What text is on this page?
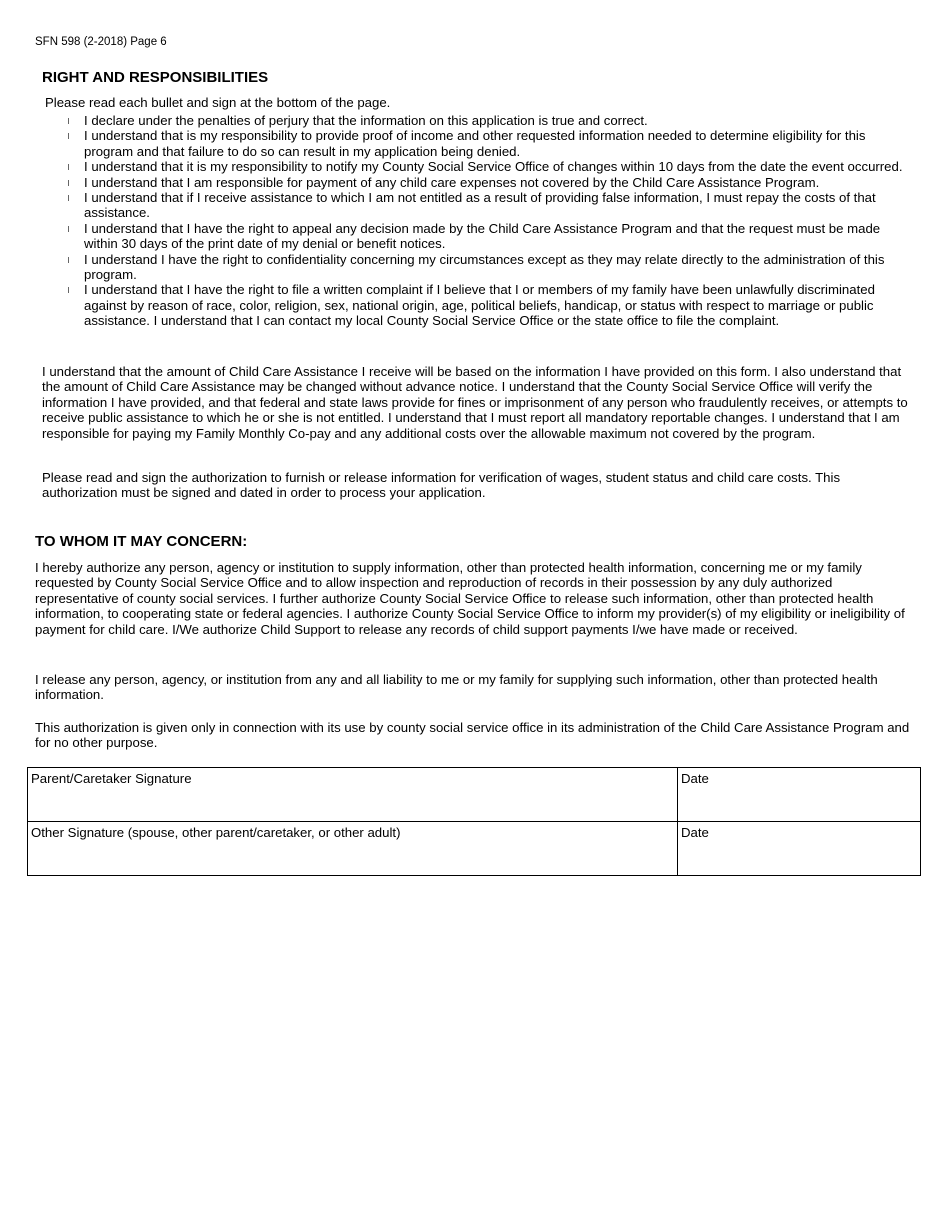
SFN 598 (2-2018) Page 6
RIGHT AND RESPONSIBILITIES
Please read each bullet and sign at the bottom of the page.
I declare under the penalties of perjury that the information on this application is true and correct.
I understand that is my responsibility to provide proof of income and other requested information needed to determine eligibility for this program and that failure to do so can result in my application being denied.
I understand that it is my responsibility to notify my County Social Service Office of changes within 10 days from the date the event occurred.
I understand that I am responsible for payment of any child care expenses not covered by the Child Care Assistance Program.
I understand that if I receive assistance to which I am not entitled as a result of providing false information, I must repay the costs of that assistance.
I understand that I have the right to appeal any decision made by the Child Care Assistance Program and that the request must be made within 30 days of the print date of my denial or benefit notices.
I understand I have the right to confidentiality concerning my circumstances except as they may relate directly to the administration of this program.
I understand that I have the right to file a written complaint if I believe that I or members of my family have been unlawfully discriminated against by reason of race, color, religion, sex, national origin, age, political beliefs, handicap, or status with respect to marriage or public assistance. I understand that I can contact my local County Social Service Office or the state office to file the complaint.

I understand that the amount of Child Care Assistance I receive will be based on the information I have provided on this form. I also understand that the amount of Child Care Assistance may be changed without advance notice. I understand that the County Social Service Office will verify the information I have provided, and that federal and state laws provide for fines or imprisonment of any person who fraudulently receives, or attempts to receive public assistance to which he or she is not entitled. I understand that I must report all mandatory reportable changes. I understand that I am responsible for paying my Family Monthly Co-pay and any additional costs over the allowable maximum not covered by the program.

Please read and sign the authorization to furnish or release information for verification of wages, student status and child care costs. This authorization must be signed and dated in order to process your application.

TO WHOM IT MAY CONCERN:

I hereby authorize any person, agency or institution to supply information, other than protected health information, concerning me or my family requested by County Social Service Office and to allow inspection and reproduction of records in their possession by any duly authorized representative of county social services. I further authorize County Social Service Office to release such information, other than protected health information, to cooperating state or federal agencies. I authorize County Social Service Office to inform my provider(s) of my eligibility or ineligibility of payment for child care. I/We authorize Child Support to release any records of child support payments I/we have made or received.

I release any person, agency, or institution from any and all liability to me or my family for supplying such information, other than protected health information.

This authorization is given only in connection with its use by county social service office in its administration of the Child Care Assistance Program and for no other purpose.

Parent/Caretaker Signature	Date
Other Signature (spouse, other parent/caretaker, or other adult)	Date
